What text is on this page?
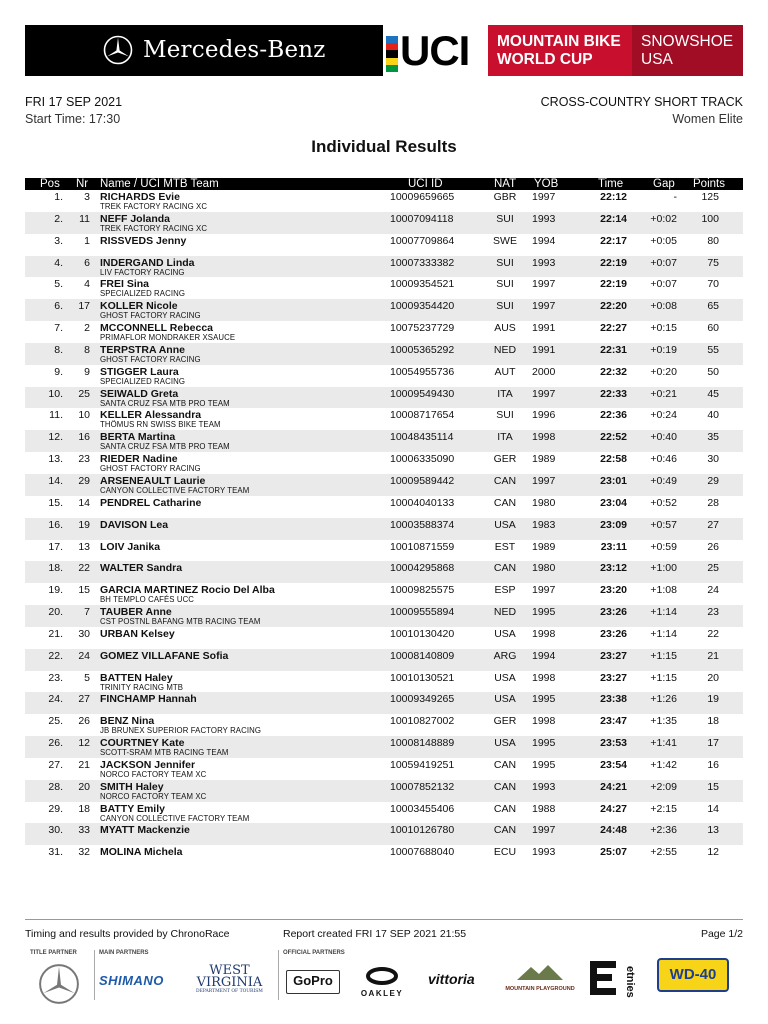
Mercedes-Benz UCI MOUNTAIN BIKE
WORLD CUP
SNOWSHOE
USA
FRI 17 SEP 2021
Start Time: 17:30
CROSS-COUNTRY SHORT TRACK
Women Elite
Individual Results
Pos Nr Name / UCI MTB Team	UCI ID	NAT YOB	Time	Gap Points
1.	3 RICHARDS Evie	10009659665	GBR	1997	22:12	-	125
TREK FACTORY RACING XC
2.	11 NEFF Jolanda	10007094118	SUI	1993	22:14	+0:02	100
TREK FACTORY RACING XC
3.	1 RISSVEDS Jenny	10007709864	SWE 1994	22:17	+0:05	80
4.	6 INDERGAND Linda	10007333382	SUI	1993	22:19	+0:07	75
LIV FACTORY RACING
5.	4 FREI Sina	10009354521	SUI	1997	22:19	+0:07	70
SPECIALIZED RACING
6.	17 KOLLER Nicole	10009354420	SUI	1997	22:20	+0:08	65
GHOST FACTORY RACING
7.	2 MCCONNELL Rebecca	10075237729	AUS	1991	22:27	+0:15	60
PRIMAFLOR MONDRAKER XSAUCE
8.	8 TERPSTRA Anne	10005365292	NED	1991	22:31	+0:19	55
GHOST FACTORY RACING
9.	9 STIGGER Laura	10054955736	AUT	2000	22:32	+0:20	50
SPECIALIZED RACING
10.	25 SEIWALD Greta	10009549430	ITA	1997	22:33	+0:21	45
SANTA CRUZ FSA MTB PRO TEAM
11.	10 KELLER Alessandra	10008717654	SUI	1996	22:36	+0:24	40
THÖMUS RN SWISS BIKE TEAM
12.	16 BERTA Martina	10048435114	ITA	1998	22:52	+0:40	35
SANTA CRUZ FSA MTB PRO TEAM
13.	23 RIEDER Nadine	10006335090	GER	1989	22:58	+0:46	30
GHOST FACTORY RACING
14.	29 ARSENEAULT Laurie	10009589442	CAN	1997	23:01	+0:49	29
CANYON COLLECTIVE FACTORY TEAM
15.	14 PENDREL Catharine	10004040133	CAN	1980	23:04	+0:52	28
16.	19 DAVISON Lea	10003588374	USA	1983	23:09	+0:57	27
17.	13 LOIV Janika	10010871559	EST	1989	23:11	+0:59	26
18.	22 WALTER Sandra	10004295868	CAN	1980	23:12	+1:00	25
19.	15 GARCIA MARTINEZ Rocio Del Alba	10009825575	ESP	1997	23:20	+1:08	24
BH TEMPLO CAFÉS UCC
20.	7 TAUBER Anne	10009555894	NED	1995	23:26	+1:14	23
CST POSTNL BAFANG MTB RACING TEAM
21.	30 URBAN Kelsey	10010130420	USA	1998	23:26	+1:14	22
22.	24 GOMEZ VILLAFANE Sofia	10008140809	ARG	1994	23:27	+1:15	21
23.	5 BATTEN Haley	10010130521	USA	1998	23:27	+1:15	20
TRINITY RACING MTB
24.	27 FINCHAMP Hannah	10009349265	USA	1995	23:38	+1:26	19
25.	26 BENZ Nina	10010827002	GER	1998	23:47	+1:35	18
JB BRUNEX SUPERIOR FACTORY RACING
26.	12 COURTNEY Kate	10008148889	USA	1995	23:53	+1:41	17
SCOTT-SRAM MTB RACING TEAM
27.	21 JACKSON Jennifer	10059419251	CAN	1995	23:54	+1:42	16
NORCO FACTORY TEAM XC
28.	20 SMITH Haley	10007852132	CAN	1993	24:21	+2:09	15
NORCO FACTORY TEAM XC
29.	18 BATTY Emily	10003455406	CAN	1988	24:27	+2:15	14
CANYON COLLECTIVE FACTORY TEAM
30.	33 MYATT Mackenzie	10010126780	CAN	1997	24:48	+2:36	13
31.	32 MOLINA Michela	10007688040	ECU	1993	25:07	+2:55	12
Timing and results provided by ChronoRace	Report created FRI 17 SEP 2021 21:55	Page 1/2
TITLE PARTNER	MAIN PARTNERS	OFFICIAL PARTNERS
SHIMANO
WEST
VIRGINIA
DEPARTMENT OF TOURISM
GoPro
OAKLEY
vittoria
MOUNTAIN PLAYGROUND	etnies	WD-40
